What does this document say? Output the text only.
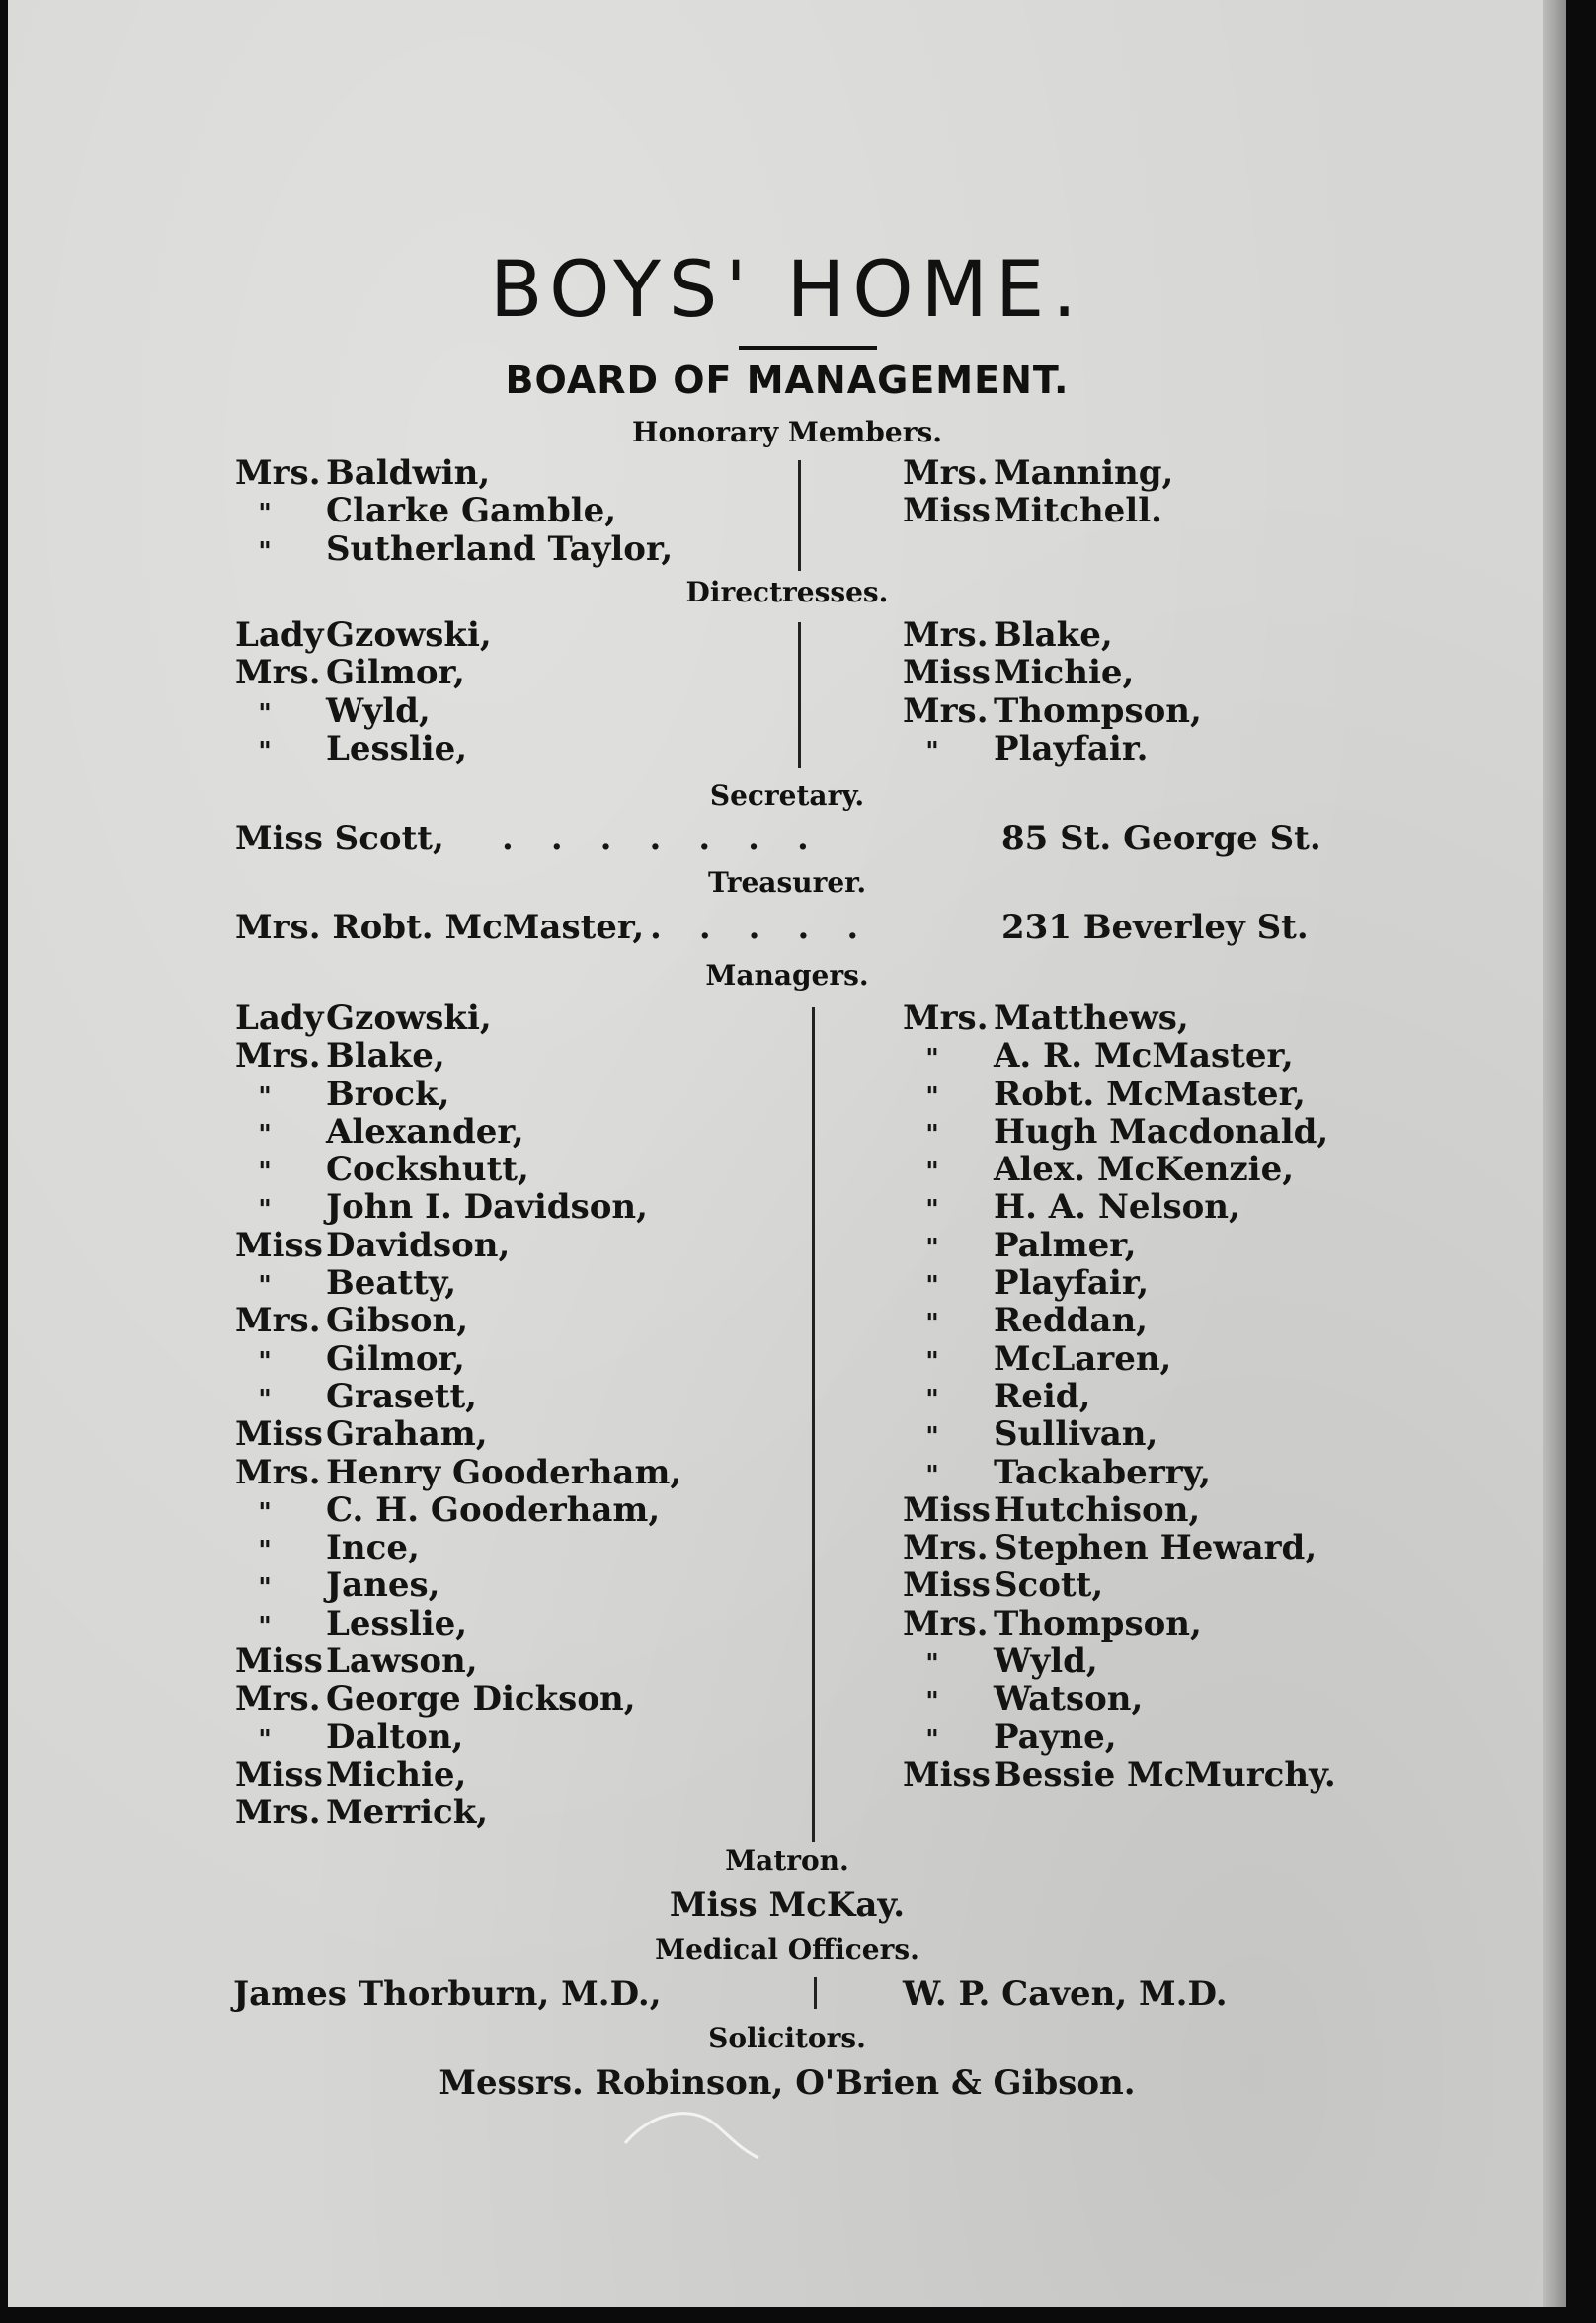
BOYS' HOME.
BOARD OF MANAGEMENT.
Honorary Members.
Mrs. Baldwin,
" Clarke Gamble,
" Sutherland Taylor,
Mrs. Manning,
MissMitchell.
Directresses.
LadyGzowski,
Mrs. Gilmor,
" Wyld,
" Lesslie,
Mrs. Blake,
MissMichie,
Mrs. Thompson,
" Playfair.
Secretary.
Miss Scott, .......	85 St. George St.
Treasurer.
Mrs. Robt. McMaster, .....	231 Beverley St.
Managers.
LadyGzowski,
Mrs. Blake,
" Brock,
" Alexander,
" Cockshutt,
" John I. Davidson,
MissDavidson,
" Beatty,
Mrs. Gibson,
" Gilmor,
" Grasett,
MissGraham,
Mrs. Henry Gooderham,
" C. H. Gooderham,
" Ince,
" Janes,
" Lesslie,
MissLawson,
Mrs. George Dickson,
" Dalton,
MissMichie,
Mrs. Merrick,
Mrs. Matthews,
" A. R. McMaster,
" Robt. McMaster,
" Hugh Macdonald,
" Alex. McKenzie,
" H. A. Nelson,
" Palmer,
" Playfair,
" Reddan,
" McLaren,
" Reid,
" Sullivan,
" Tackaberry,
MissHutchison,
Mrs. Stephen Heward,
MissScott,
Mrs. Thompson,
" Wyld,
" Watson,
" Payne,
MissBessie McMurchy.
Matron.
Miss McKay.
Medical Officers.
James Thorburn, M.D.,	W. P. Caven, M.D.
Solicitors.
Messrs. Robinson, O'Brien & Gibson.
